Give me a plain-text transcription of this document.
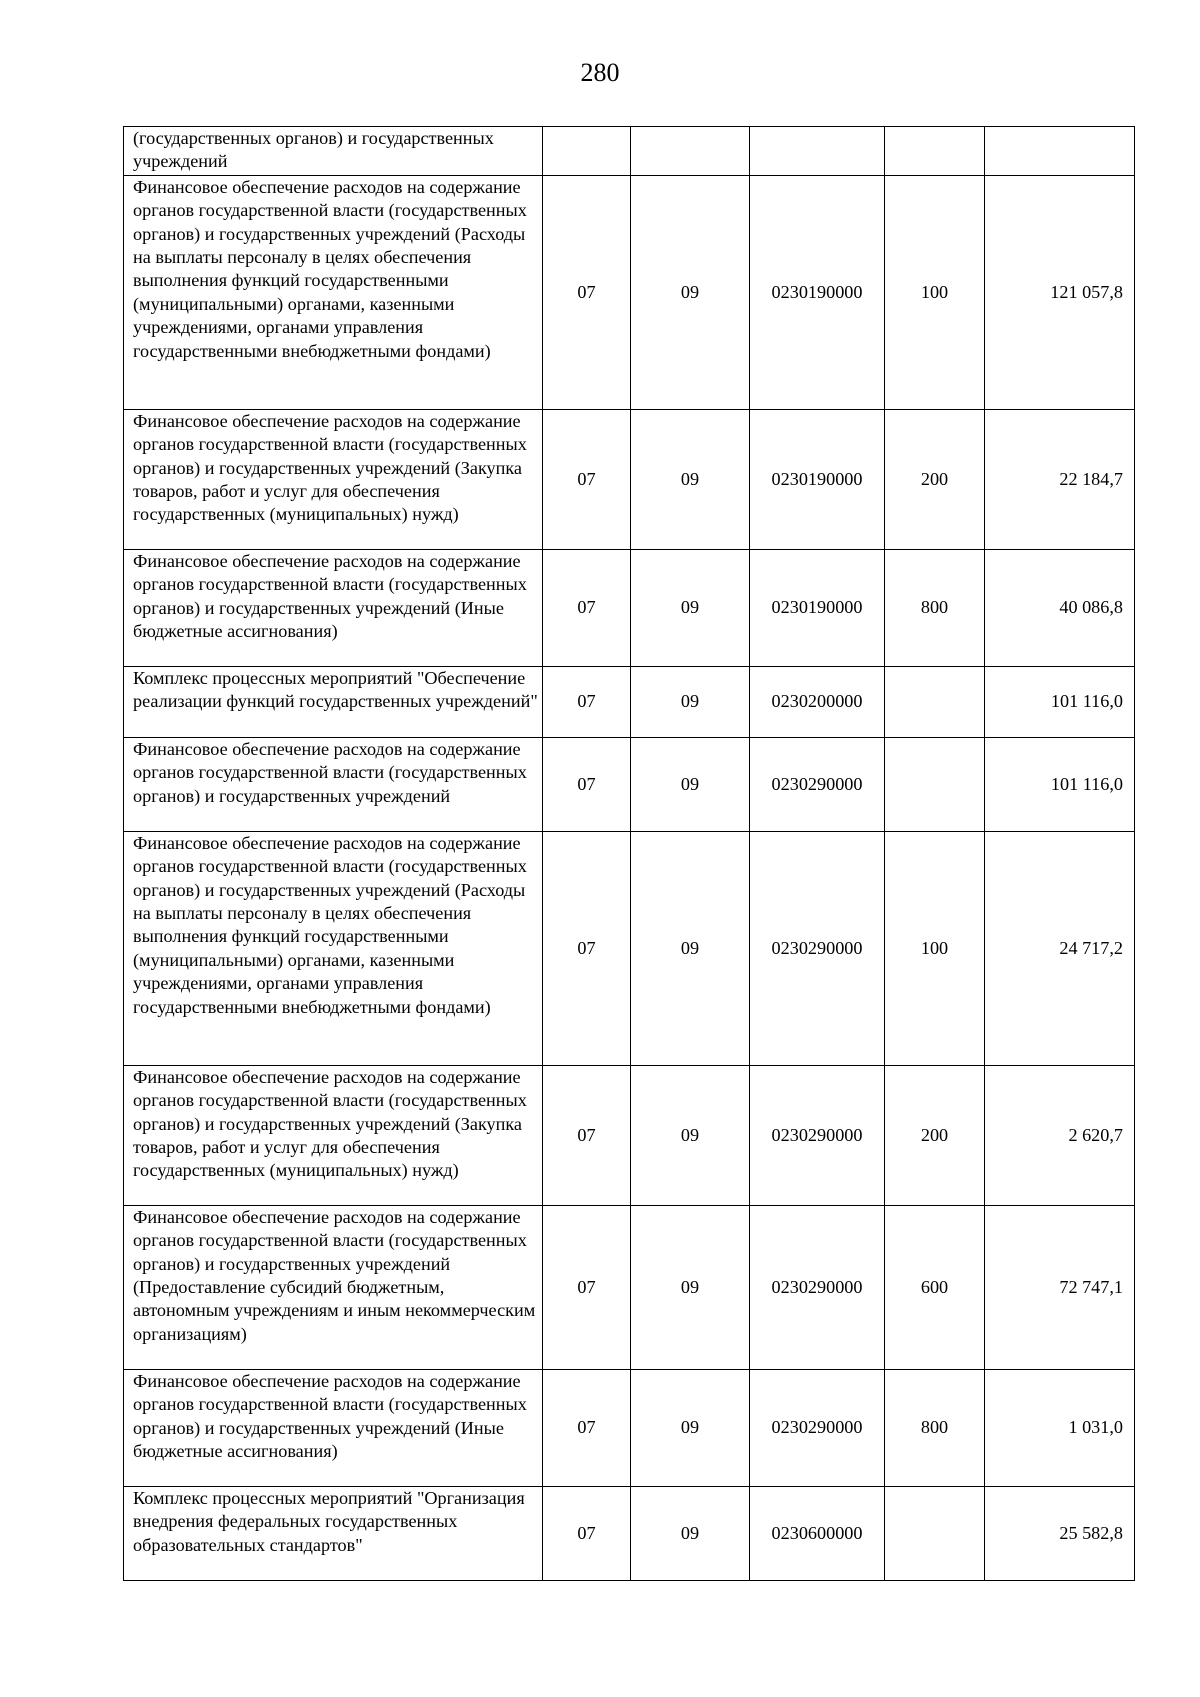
280
(государственных органов) и государственных учреждений					
Финансовое обеспечение расходов на содержание органов государственной власти (государственных органов) и государственных учреждений (Расходы на выплаты персоналу в целях обеспечения выполнения функций государственными (муниципальными) органами, казенными учреждениями, органами управления государственными внебюджетными фондами)	07	09	0230190000	100	121 057,8
Финансовое обеспечение расходов на содержание органов государственной власти (государственных органов) и государственных учреждений (Закупка товаров, работ и услуг для обеспечения государственных (муниципальных) нужд)	07	09	0230190000	200	22 184,7
Финансовое обеспечение расходов на содержание органов государственной власти (государственных органов) и государственных учреждений (Иные бюджетные ассигнования)	07	09	0230190000	800	40 086,8
Комплекс процессных мероприятий "Обеспечение реализации функций государственных учреждений"	07	09	0230200000		101 116,0
Финансовое обеспечение расходов на содержание органов государственной власти (государственных органов) и государственных учреждений	07	09	0230290000		101 116,0
Финансовое обеспечение расходов на содержание органов государственной власти (государственных органов) и государственных учреждений (Расходы на выплаты персоналу в целях обеспечения выполнения функций государственными (муниципальными) органами, казенными учреждениями, органами управления государственными внебюджетными фондами)	07	09	0230290000	100	24 717,2
Финансовое обеспечение расходов на содержание органов государственной власти (государственных органов) и государственных учреждений (Закупка товаров, работ и услуг для обеспечения государственных (муниципальных) нужд)	07	09	0230290000	200	2 620,7
Финансовое обеспечение расходов на содержание органов государственной власти (государственных органов) и государственных учреждений (Предоставление субсидий бюджетным, автономным учреждениям и иным некоммерческим организациям)	07	09	0230290000	600	72 747,1
Финансовое обеспечение расходов на содержание органов государственной власти (государственных органов) и государственных учреждений (Иные бюджетные ассигнования)	07	09	0230290000	800	1 031,0
Комплекс процессных мероприятий "Организация внедрения федеральных государственных образовательных стандартов"	07	09	0230600000		25 582,8
